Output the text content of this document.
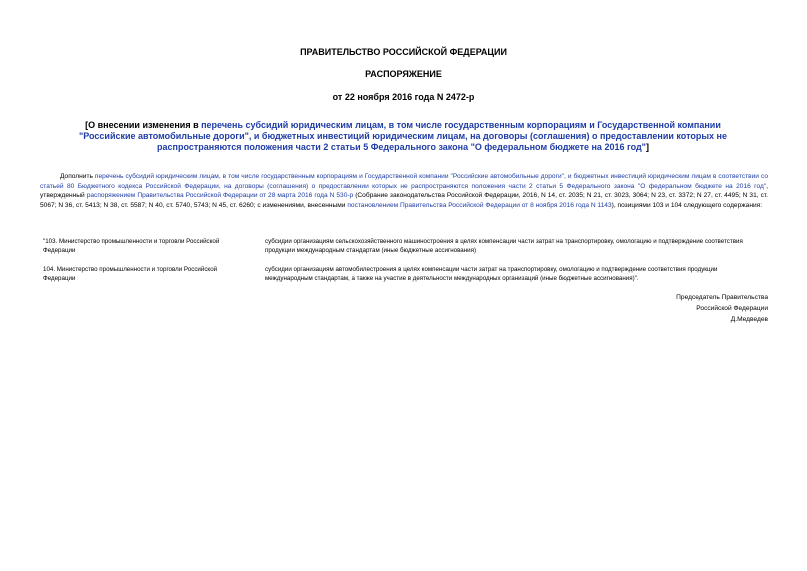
ПРАВИТЕЛЬСТВО РОССИЙСКОЙ ФЕДЕРАЦИИ
РАСПОРЯЖЕНИЕ
от 22 ноября 2016 года N 2472-р
[О внесении изменения в перечень субсидий юридическим лицам, в том числе государственным корпорациям и Государственной компании "Российские автомобильные дороги", и бюджетных инвестиций юридическим лицам, на договоры (соглашения) о предоставлении которых не распространяются положения части 2 статьи 5 Федерального закона "О федеральном бюджете на 2016 год"]
Дополнить перечень субсидий юридическим лицам, в том числе государственным корпорациям и Государственной компании "Российские автомобильные дороги", и бюджетных инвестиций юридическим лицам в соответствии со статьей 80 Бюджетного кодекса Российской Федерации, на договоры (соглашения) о предоставлении которых не распространяются положения части 2 статьи 5 Федерального закона "О федеральном бюджете на 2016 год", утвержденный распоряжением Правительства Российской Федерации от 28 марта 2016 года N 530-р (Собрание законодательства Российской Федерации, 2016, N 14, ст. 2035; N 21, ст. 3023, 3064; N 23, ст. 3372; N 27, ст. 4495; N 31, ст. 5067; N 36, ст. 5413; N 38, ст. 5587; N 40, ст. 5740, 5743; N 45, ст. 6260; с изменениями, внесенными постановлением Правительства Российской Федерации от 8 ноября 2016 года N 1143), позициями 103 и 104 следующего содержания:
"103. Министерство промышленности и торговли Российской Федерации
субсидии организациям сельскохозяйственного машиностроения в целях компенсации части затрат на транспортировку, омологацию и подтверждение соответствия продукции международным стандартам (иные бюджетные ассигнования)
104. Министерство промышленности и торговли Российской Федерации
субсидии организациям автомобилестроения в целях компенсации части затрат на транспортировку, омологацию и подтверждение соответствия продукции международным стандартам, а также на участие в деятельности международных организаций (иные бюджетные ассигнования)".
Председатель Правительства
Российской Федерации
Д.Медведев
